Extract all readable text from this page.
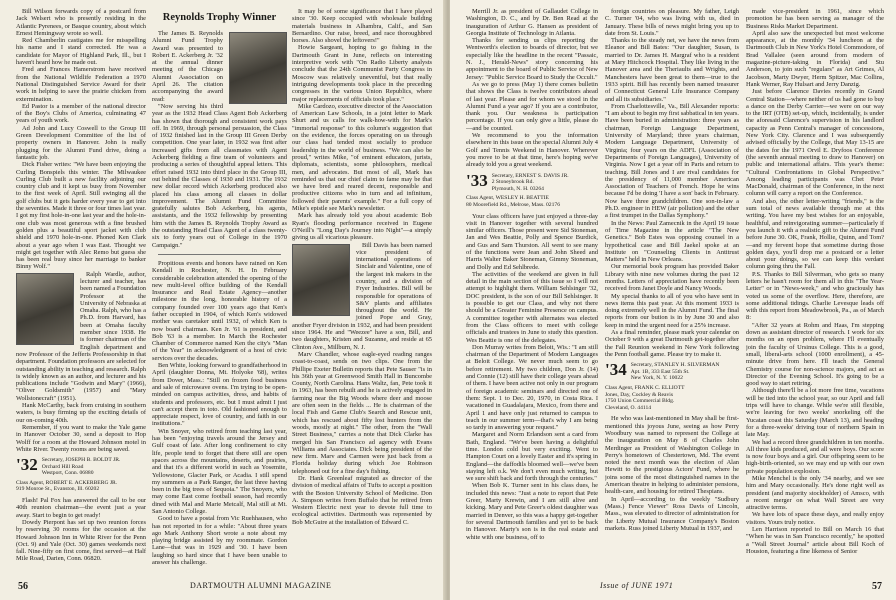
Bill Wilson forwards copy of a postcard from Jack Welsert who is presently residing in the Atlantic Pyrenees, or Basque country, about which Ernest Hemingway wrote so well.

Red Chamberlin castigates me for misspelling his name and I stand corrected. He was a candidate for Mayor of Highland Park, Ill., but I haven't heard how he made out.

Fred and Frances Hamerstrom have received from the National Wildlife Federation a 1970 National Distinguished Service Award for their work in helping to save the prairie chicken from extermination.

Ed Pastor is a member of the national director of the Boy's Clubs of America, culminating 47 years of youth work.

Ad John and Lucy Coswell to the Group III Green Development Committee of the list of property owners in Hanover. John is really plugging for the Alumni Fund drive, doing a fantastic job.

Dick Fisher writes: "We have been enjoying the Curling Bonspiels this winter. The Milwaukee Curling Club built a new facility adjoining our country club and it kept us busy from November to the first week of April. Still swinging all the golf clubs but it gets harder every year to get into the seventies. Made it three or four times last year. I got my first hole-in-one last year and the hole-in-one club was most generous with a fine brushed golden plus a beautiful sport jacket with club shield and 1970 hole-in-one. Phoned Ken Clark about a year ago when I was East. Thought we might get together with Alec Remo but guess she has been real busy since her marriage to banker Binny Wolf."

Ralph Wardle, author, lecturer and teacher, has been named a Foundation Professor at the University of Nebraska at Omaha. Ralph, who has a Ph.D. from Harvard, has been at Omaha faculty member since 1938. He is former chairman of the English department and now Professor of the Jefferis Professorship in that department. Foundation professors are selected for outstanding ability in teaching and research. Ralph is widely known as an author, and lecturer and his publications include "Godwin and Mary" (1966), "Oliver Goldsmith" (1957) and "Mary Wollstonecraft" (1951).

Hank McCarthy, back from cruising in southern waters, is busy firming up the exciting details of our on-coming 40th.

Remember, if you want to make the Yale game in Hanover October 30, send a deposit to Hop Wolff for a room at the Howard Johnson motel in White River. Twenty rooms are being saved.

'32 Secretary, JOSEPH B. BOLDT JR.
Orchard Hill Road
Westport, Conn. 06880
Class Agent, ROBERT E. ACKERBERG JR.
919 Monroe St., Evanston, Ill. 60202

Flash! Pal Fox has answered the call to be our 40th reunion chairman—the event just a year away. Start to begin to get ready!

Dowdy Pierpont has set up two reunion forces by reserving 30 rooms for the occasion at the Howard Johnson Inn in White River for the Penn (Oct. 9) and Yale (Oct. 30) games weekends next fall. Nine-fifty on first come, first served—at Half Mile Road, Darien, Conn. 06820.

Reynolds Trophy Winner

The James B. Reynolds Alumni Fund Trophy Award was presented to Robert E. Ackerberg Jr. '32 at the annual dinner meeting of the Chicago Alumni Association on April 26. The citation accompanying the award read:

"Now serving his third year as the 1932 Head Class Agent Bob Ackerberg has shown that thorough and consistent work pays off. In 1969, through personal persuasion, the Class of 1932 finished last in the Group III Green Derby competition. One year later, in 1932 was first after increased gifts from all classmates with Agent Ackerberg fielding a fine team of volunteers and producing a series of thoughtful appeal letters. This effort raised 1932 into third place in the Group III, out behind the Classes of 1930 and 1931. The 1932 new dollar record which Ackerberg produced also placed his class among all classes in dollar improvement. The Alumni Fund Committee gratefully salutes Bob Ackerberg, his agents, assistants, and the 1932 fellowship by presenting him with the James B. Reynolds Trophy Award as the outstanding Head Class Agent of a class twenty-six to forty years out of College in the 1970 Campaign."

Propitious events and honors have rained on Ken Kendall in Rochester, N. H. In February considerable celebration attended the opening of the new multi-level office building of the Kendall Insurance and Real Estate Agency—another milestone in the long, honorable history of a company founded over 100 years ago that Ken's father occupied in 1904, of which Ken's widowed mother was caretaker until 1932, of which Ken is now board chairman. Ken Jr. '61 is president, and Bob '63 is a member. In March the Rochester Chamber of Commerce named Ken the city's "Man of the Year" in acknowledgment of a host of civic services over the decades.

Ben White, looking forward to grandfatherhood in April (daughter Donna, Mt. Holyoke '68), writes from Dover, Mass.: "Still on frozen food business and sale of microwave ovens. I'm trying to be open-minded on campus activities, dress, and habits of students and professors, etc. but I must admit I just can't accept them in toto. Old fashioned enough to appreciate respect, love of country, and faith in our institutions."

Win Snoyer, who retired from teaching last year, has been "enjoying travels around the Jersey and Gulf coast of late. After long confinement to city life, people tend to forget that there still are open spaces across the mountains, deserts, and prairies, and that it's a different world in such as Yosemite, Yellowstone, Glacier Park, or Acadia. I still spend my summers as a Park Ranger, the last three having been in the big trees of Sequoia." The Snoyers, who may come East come football season, had recently dined with Mal and Marie Metcalf, Mal still at Mt. San Antonio College.

Good to have a postal from Vic Ruehhausen, who has not reported in for a while: "About three years ago Mark Anthony Short wrote a note about my playing bridge assisted by my roommate. Gordon Lane—that was in 1929 and '30. I have been laughing so hard since that I have been unable to answer his challenge.

It may be of some significance that I have played since '30. Keep occupied with wholesale building materials business in Alhambra, Calif., and San Bernardino. Our raise, breed, and race thoroughbred horses. Also shovel the leftovers!"

Howie Sargeant, hoping to go fishing in the Dartmouth Grant in June, reflects on interesting interpretive work with "On Radio Liberty analysts conclude that the 24th Communist Party Congress in Moscow was relatively uneventful, but that really intriguing developments took place in the preceding congresses in the various Union Republics, where major replacements of officials took place."

Mike Cardozo, executive director of the Association of American Law Schools, in a joint letter to Mark Shurt and us calls for walk-how-with for Mark's "immortal response" to this column's suggestion that on the evidence, the forces operating on us through our class had tended most socially to produce leadership in the world of business. "We can also be proud," writes Mike, "of eminent educators, jurists, diplomats, scientists, some philosophers, medical men, and advocates. But most of all, Mark has reminded us that our chief claim to fame may be that we have bred and reared decent, responsible and productive citizens who in turn and ad infinitum, followed their parents' example." For a full copy of Mike's epistle see Mark's newsletter.

Mark has already told you about academic Bob Ryan's flooding performance received in Eugene O'Neill's "Long Day's Journey into Night"—a simply giving us all vicarious pleasure.

Bill Davis has been named vice president of international operations of Sinclair and Valentine, one of the largest ink makers in the country, and a division of Fryer Industries. Bill will be responsible for operations of S&V plants and affiliates throughout the world. He joined Pope and Gray, another Fryer division in 1932, and had been president since 1964. He and "Weezee" have a son, Bill, and two daughters, Kristen and Suzanne, and reside at 65 Clinton Ave., Millburn, N. J.

Marv Chandler, whose eagle-eyed reading ranges coast-to-coast, sends on two clips. One from the Phillipe Exeter Bulletin reports that Pete Sauser "is in his 36th year at Greenwood Smith Hall in Buncombe County, North Carolina. Hans Waltz, fan, Pete took it in 1963, has been rebuilt and he is actively engaged in farming near the Big Woods where deer and moose are often seen in the fields ... He is chairman of the local Fish and Game Club's Search and Rescue unit, which has rescued about fifty lost hunters from the woods, mostly at night." The other, from the "Wall Street Business," carries a note that Dick Clarke has merged his San Francisco ad agency with Evans Williams and Associates. Dick being president of the new firm. Marv and Carmen were just back from a Florida holiday during which Joe Robinson telephoned out for a fine day's fishing.

Dr. Hank Greenleaf migrated as director of the division of medical affairs of Tufts to accept a position with the Boston University School of Medicine. Don A. Simpson writes from Buffalo that he retired from Western Electric next year to devote full time to ecological activities. Dartmouth was represented by Bob McGuire at the installation of Edward C.

56	DARTMOUTH ALUMNI MAGAZINE

Merrill Jr. as president of Gallaudet College in Washington, D. C., and by Dr. Ben Read at the inauguration of Arthur G. Hansen as president of Georgia Institute of Technology in Atlanta.

Thanks for sending us clips reporting the Wentworth's election to boards of director, but we especially like the headline in the recent "Passaic, N. J., Herald-News" story concerning his appointment to the board of Public Service of New Jersey: "Public Service Board to Study the Occult."

As we go to press (May 1) there comes bulletin that shows the Class is twelve contributors ahead of last year. Please and for whom we stood in the Alumni Fund a year ago? If you are a contributor, thank you. Our weakness is participation percentage. If you can only give a little, please do—and be counted.

We recommend to you the information elsewhere in this issue on the special Alumni July 4 Golf and Tennis Weekend in Hanover. Wherever you move to be at that time, here's hoping we've already told you a great weekend.

'33 Secretary, ERNEST S. DAVIS JR.
2 Stoneybrook Rd.
Plymouth, N. H. 03264
Class Agent, WESLEY H. BEATTIE
80 Moorefield Rd., Melrose, Mass. 02176

Your class officers have just enjoyed a three-day visit in Hanover together with several hundred similar officers. Those present were Sid Stoneman, Jan and Wes Beattie, Polly and Spence Burdick, and Gus and Sam Thurston. All went to see many of the functions were Jean and John Sheed and Harris Walter Baker Stoneman, Gimmy Stoneman, and Dolly and Ed Sehlbrede.

The activities of the weekend are given in full detail in the main section of this issue so I will not attempt to highlight them. William Sehlsinger '32, DOC president, is the son of our Bill Sehlsinger. It is possible to get our Class, and why not there should be a Greater Feminine Presence on campus. A committee together with alternates was elected from the Class officers to meet with college officials and trustees in June to study this question. Wes Beattie is one of the delegates.

Don Murray writes from Beloit, Wis.: "I am still chairman of the Department of Modern Languages at Beloit College. We never much seem to go before retirement. My two children, Don Jr. (14) and Connie (12) still have their college years ahead of them. I have been active not only in our program of foreign academic seminars and directed one of them: Sept. 1 to Dec. 20, 1970, in Costa Rica. I vacationed in Guadalajara, Mexico, from there and April 1 and have only just returned to campus to teach in our summer term—that's why I am being so tardy in answering your request."

Margaret and Norm Erlandson sent a card from Bath, England. "We've been having a delightful time. London cold but very exciting. Went to Hampton Court on a lovely Easter and it's spring in England—the daffodils bloomed well—we've been staying left o.k. We don't even much writing, but we sure shift back and forth through the centuries."

When Bob K. Turner sent in his class dues, he included this news: "Just a note to report that Pete Greer, Marty Krewin, and I am still alive and kicking. Mary and Pete Greer's oldest daughter was married in Denver, so this was a happy get-together for several Dartmouth families and yet to be back in Hanover. Marty's son is in the real estate and white with one business, off to

foreign countries on pleasure. My father, Leigh C. Turner '04, who was living with us, died in January. These bills of news might bring you up to date from St. Louis."

Thanks to the steady net, we have the news from Eleanor and Bill Bates: "Our daughter, Susan, is married to Dr. James H. Margraf who is a resident at Mary Hitchcock Hospital. They like living in the Hanover area and the Theriaults and Wrights, and Manchesters have been great to them—true to the 1933 spirit. Bill has recently been named treasurer of Connecticut General Life Insurance Company and all its subsidiaries."

From Charlottesville, Va., Bill Alexander reports: "I am about to begin my first sabbatical in ten years. Have been buried in administration: three years as chairman, Foreign Language Department, University of Maryland; three years chairman, Modern Language Department, University of Virginia; four years on the ADFL (Association of Departments of Foreign Languages), University of Virginia. Now I get a year off in Paris and return to teaching. Bill Jones and I are rival candidates for the presidency of 11,000 member American Association of Teachers of French. Hope he wins because I'd be doing 'I have a son' back in February. Now have three grandchildren. One son-in-law a Ph.D. engineer in HEW (air pollution) and the other a first trumpet in the Dallas Symphony."

In the News: Paul Zamecnik in the April 19 issue of Time Magazine in the article "The New Genetics." Bob Estes was opposing counsel in a hypothetical case and Bill Jaekel spoke at an Institute on "Counseling Clients in Antitrust Matters" held in New Orleans.

Our memorial book program has provided Baker Library with nine new volumes during the past 12 months. Letters of appreciation have recently been received from Janet Doyle and Nancy Woods.

My special thanks to all of you who have sent in news items this past year. At this moment 1933 is doing extremely well in the Alumni Fund. The final reports from our bution is in by June 30 and also keep in mind the urgent need for a 25% increase.

As a final reminder, please mark your calendar on October 9 with a great Dartmouth get-together after the Fall Reunion weekend in New York following the Penn football game. Please try to make it.

'34 Secretary, STANLEY H. SILVERMAN
Apt. 1B, 333 East 55th St.
New York, N. Y. 10022
Class Agent, FRANK C. ELLIOTT
Jones, Day, Cockley & Reavis
1750 Union Commercial Bldg.
Cleveland, O. 44114

He who was last-mentioned in May shall be first-mentioned this joyous June, seeing as how Perry Woodbury was named to represent the College at the inauguration on May 8 of Charles John Merdinger as President of Washington College in Perry's hometown of Chestertown, Md. The event noted the next month was the election of Alan Hewitt to the prestigious Actors' Fund, where he joins some of the most distinguished names in the American theatre in helping to administer pensions, health-care, and housing for retired Thespians.

In April—according to the weekly "Sudbury (Mass.) Fence Viewer" Ross Davis of Lincoln, Mass., was elevated to director of administration for the Liberty Mutual Insurance Company's Boston markets. Russ joined Liberty Mutual in 1937, and

made vice-president in 1961, since which promotion he has been serving as manager of the Business Risks Market Department.

April also saw the unexpected but most welcome appearance, at the monthly '34 luncheon at the Dartmouth Club in New York's Hotel Commodore, of Brad Vallalee (seen around from modern of magazine-picture-taking in Florida) and Stu Anderson, to join such "regulars" as Art Grimes, Al Jacobson, Marty Dwyer, Herm Spitzer, Mac Collins, Hank Werner, Ray Hulsart and Jerry Danzig.

Just before Clarence Davies recently in Grand Central Station—where neither of us had gone to buy a dance on the Derby Carrier—we were on our way to the IRT (OTB) set-up, which, incidentally, is under the aforesaid Clarence's supervision in his landlord capacity as Penn Central's manager of concessions, New York City. Clarence and I was subsequently advised officially by the College, that May 13-15 are the dates for the 1971 Orvil E. Dryfoos Conference (the seventh annual meeting to draw to Hanover) on public and international affairs. This year's theme: "Cultural Confrontations in Global Perspective." Among leading participants was Chet Peter MacDonald, chairman of the Conference, in the next column will carry a report on the Conference.

And also, the other letter-writing "friends," is the sum total of news available through me at this writing. You have my best wishes for an enjoyable, healthful, and reinvigorating summer—particularly if you launch it with a realistic gift to the Alumni Fund before June 30. OK, Frank, Hollie, Quinn, and Tom?—and my fervent hope that sometime during those golden days, you'll drop me a postcard or a letter about your doings, so we can keep this verdant column going thru the Fall.

P.S. Thanks to Bill Silverman, who gets so many letters he hasn't room for them all in this "The Year-Letter" or in "News-week," and who graciously has voted us some of the overflow. Here, therefore, are some additional tidings. Charlie Levesque leads off with this report from Meadowbrook, Pa., as of March 8:

"After 32 years at Rohm and Haas, I'm stepping down as assistant director of research. I work for six months on an open problem, where I'll eventually join the faculty of Ursinus College. This is a good, small, liberal-arts school (1000 enrollment), a 45-minute drive from here. I'll teach the General Chemistry course for non-science majors, and act as Director of the Evening School. It's going to be a good way to start retiring.

Although there'll be a lot more free time, vacations will be tied into the school year, so our April and fall trips will have to change. While we're still flexible, we're leaving for two weeks' snorkeling off the Yucatan coast this Saturday (March 13), and heading for a three-weeks' driving tour of northern Spain in late May.

We had a record three grandchildren in ten months. All three kids produced, and all were boys. Our score is now four boys and a girl. Our offspring seem to be high-birth-oriented, so we may end up with our own private population explosion.

Mike Menchel is the only '34 nearby, and we see him and Mary occasionally. He's done right well as president (and majority stockholder) of Amsco, with a recent merger on what Wall Street are very attractive terms.

We have lots of space these days, and really enjoy visitors. Yours truly notice.

Len Harrison reported to Bill on March 16 that "When he was in San Francisco recently," he spotted a "Wall Street Journal" article about Bill Koch of Houston, featuring a fine likeness of Senior

Issue of JUNE 1971	57
